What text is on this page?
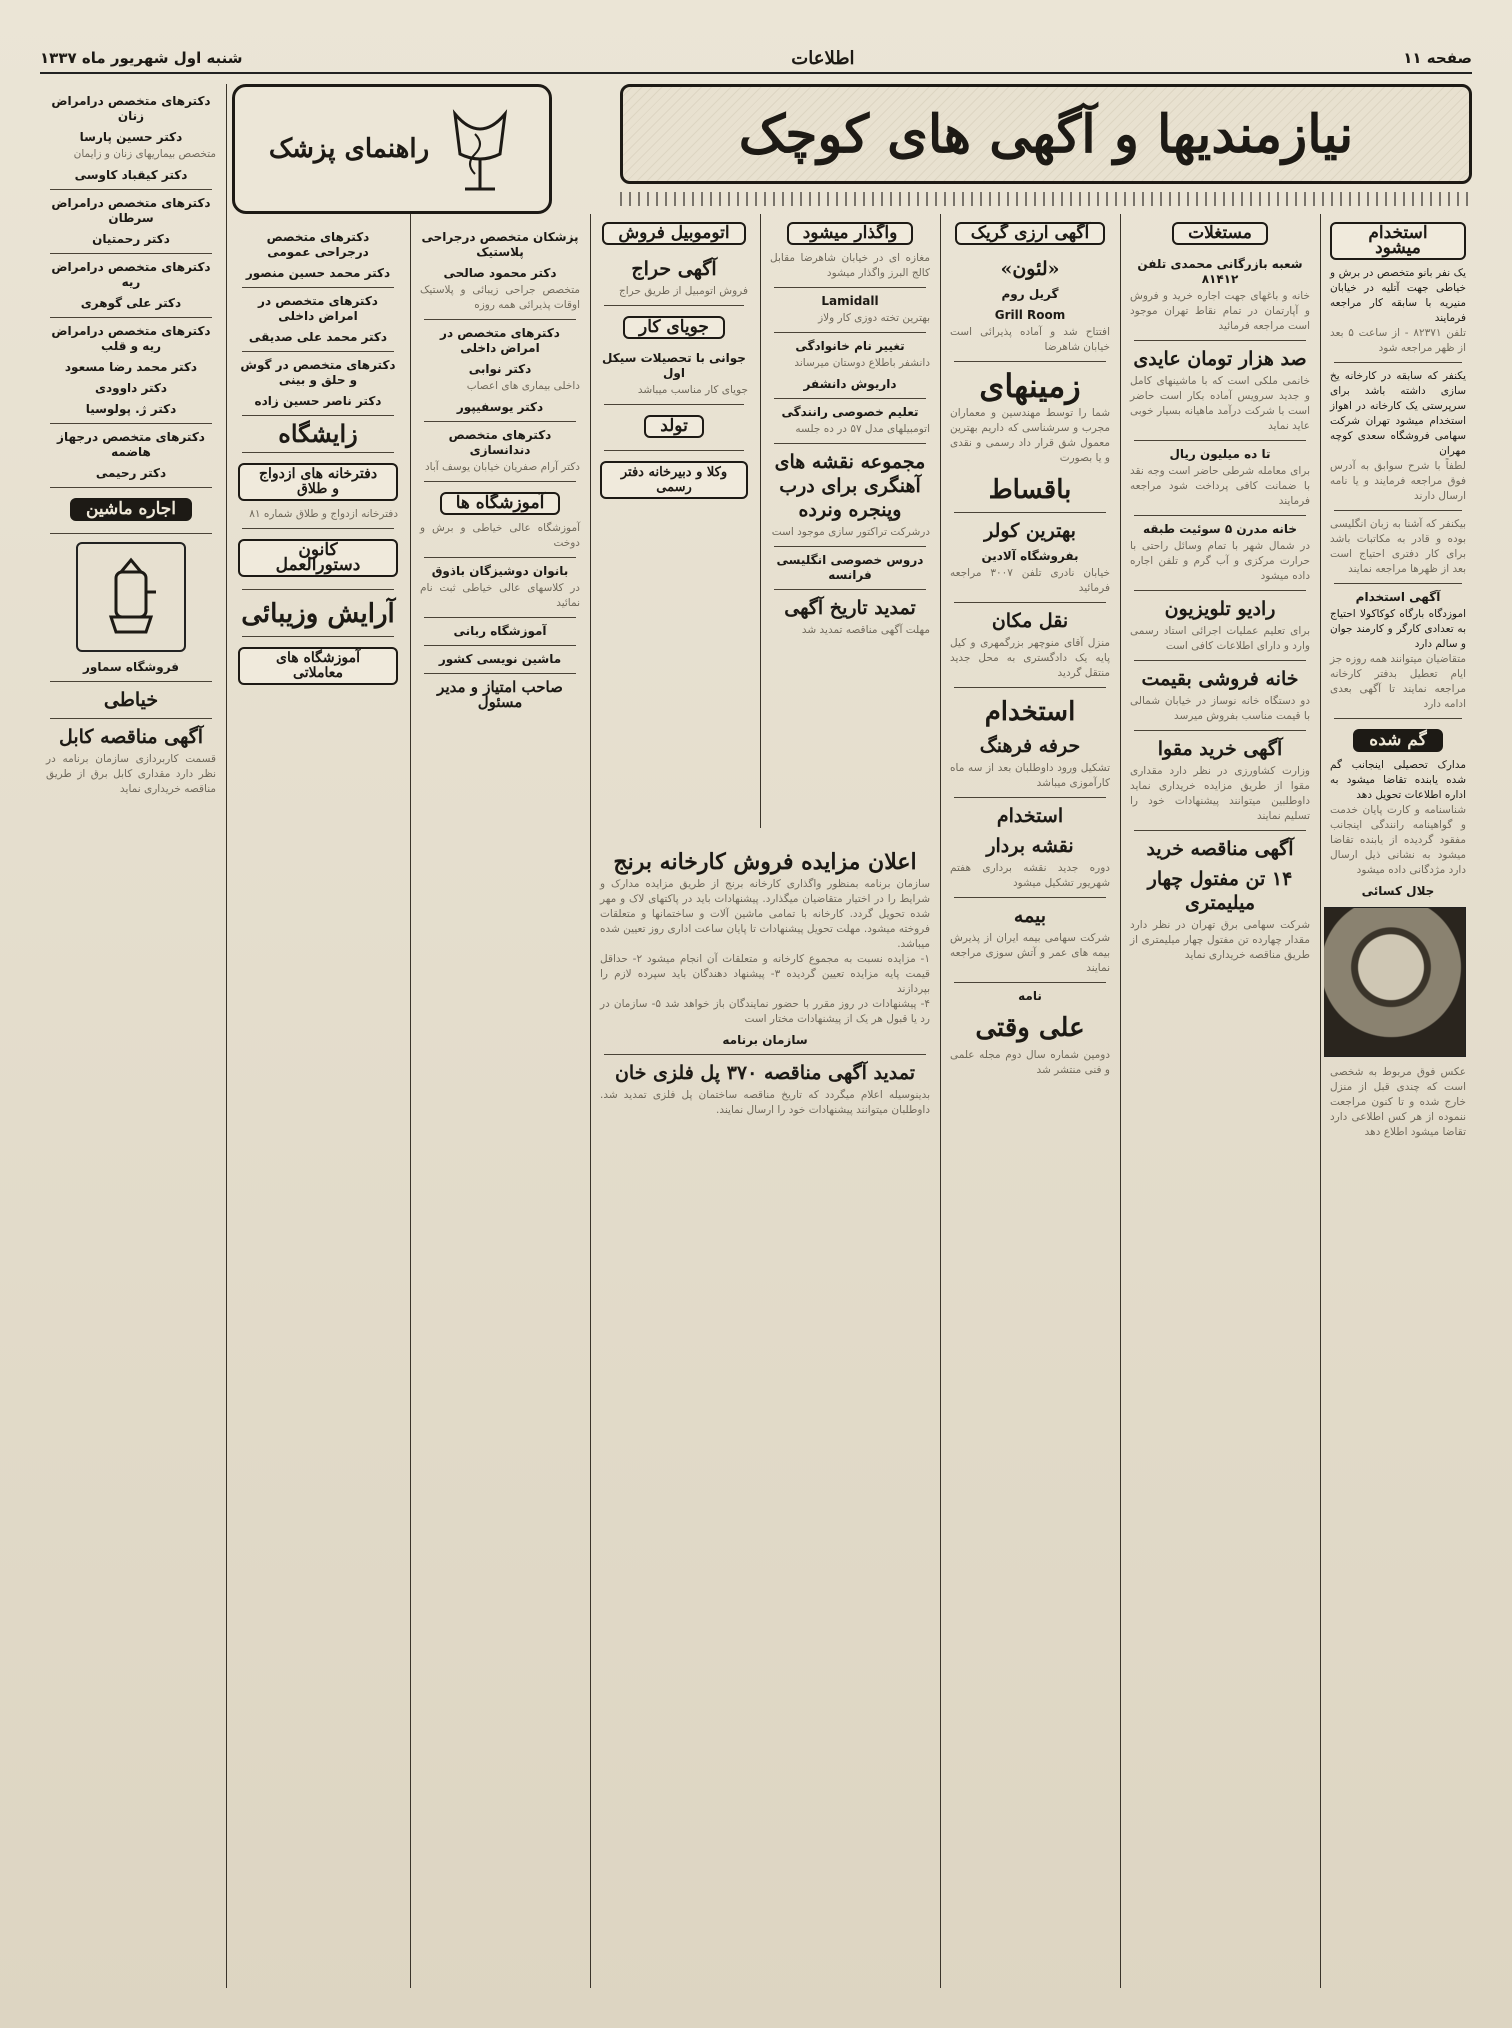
صفحه ۱۱
اطلاعات
شنبه اول شهریور ماه ۱۳۳۷
نیازمندیها و آگهی های کوچک
راهنمای پزشک
استخدام میشود

یک نفر بانو متخصص در برش و خیاطی جهت آتلیه در خیابان منیریه با سابقه کار مراجعه فرمایند

تلفن ۸۲۳۷۱ - از ساعت ۵ بعد از ظهر مراجعه شود

یکنفر که سابقه در کارخانه یخ سازی داشته باشد برای سرپرستی یک کارخانه در اهواز استخدام میشود تهران شرکت سهامی فروشگاه سعدی کوچه مهران

لطفاً با شرح سوابق به آدرس فوق مراجعه فرمایند و یا نامه ارسال دارند

بیکنفر که آشنا به زبان انگلیسی بوده و قادر به مکاتبات باشد برای کار دفتری احتیاج است بعد از ظهرها مراجعه نمایند

آگهی استخدام

اموزدگاه بارگاه کوکاکولا احتیاج به تعدادی کارگر و کارمند جوان و سالم دارد

متقاضیان میتوانند همه روزه جز ایام تعطیل بدفتر کارخانه مراجعه نمایند تا آگهی بعدی ادامه دارد

گم شده

مدارک تحصیلی اینجانب گم شده یابنده تقاضا میشود به اداره اطلاعات تحویل دهد

شناسنامه و کارت پایان خدمت و گواهینامه رانندگی اینجانب مفقود گردیده از یابنده تقاضا میشود به نشانی ذیل ارسال دارد مژدگانی داده میشود

جلال کسائی

عکس فوق مربوط به شخصی است که چندی قبل از منزل خارج شده و تا کنون مراجعت ننموده از هر کس اطلاعی دارد تقاضا میشود اطلاع دهد

مستغلات

شعبه بازرگانی محمدی تلفن ۸۱۴۱۲

خانه و باغهای جهت اجاره خرید و فروش و آپارتمان در تمام نقاط تهران موجود است مراجعه فرمائید

صد هزار تومان عایدی

خانمی ملکی است که با ماشینهای کامل و جدید سرویس آماده بکار است حاضر است با شرکت درآمد ماهیانه بسیار خوبی عاید نماید

تا ده میلیون ریال

برای معامله شرطی حاضر است وجه نقد با ضمانت کافی پرداخت شود مراجعه فرمایند

خانه مدرن ۵ سوئیت طبقه

در شمال شهر با تمام وسائل راحتی با حرارت مرکزی و آب گرم و تلفن اجاره داده میشود

رادیو تلویزیون

برای تعلیم عملیات اجرائی استاد رسمی وارد و دارای اطلاعات کافی است

خانه فروشی بقیمت

دو دستگاه خانه نوساز در خیابان شمالی با قیمت مناسب بفروش میرسد

آگهی خرید مقوا

وزارت کشاورزی در نظر دارد مقداری مقوا از طریق مزایده خریداری نماید داوطلبین میتوانند پیشنهادات خود را تسلیم نمایند

آگهی مناقصه خرید

۱۴ تن مفتول چهار میلیمتری

شرکت سهامی برق تهران در نظر دارد مقدار چهارده تن مفتول چهار میلیمتری از طریق مناقصه خریداری نماید

آگهی ارزی گریک

«لئون»

گریل روم

Grill Room

افتتاح شد و آماده پذیرائی است خیابان شاهرضا

زمینهای

شما را توسط مهندسین و معماران مجرب و سرشناسی که داریم بهترین معمول شق قرار داد رسمی و نقدی و یا بصورت

باقساط

بهترین کولر

بفروشگاه آلادین

خیابان نادری تلفن ۳۰۰۷ مراجعه فرمائید

نقل مکان

منزل آقای منوچهر بزرگمهری و کیل پایه یک دادگستری به محل جدید منتقل گردید

استخدام

حرفه فرهنگ

تشکیل ورود داوطلبان بعد از سه ماه کارآموزی میباشد

استخدام

نقشه بردار

دوره جدید نقشه برداری هفتم شهریور تشکیل میشود

بیمه

شرکت سهامی بیمه ایران از پذیرش بیمه های عمر و آتش سوزی مراجعه نمایند

نامه

علی وقتی

دومین شماره سال دوم مجله علمی و فنی منتشر شد

واگذار میشود

مغازه ای در خیابان شاهرضا مقابل کالج البرز واگذار میشود

Lamidall

بهترین تخته دوزی کار ولاز

تغییر نام خانوادگی

دانشفر باطلاع دوستان میرساند

داریوش دانشفر

تعلیم خصوصی رانندگی

اتومبیلهای مدل ۵۷ در ده جلسه

مجموعه نقشه های آهنگری برای درب وپنجره ونرده

درشرکت تراکتور سازی موجود است

دروس خصوصی انگلیسی فرانسه

تمدید تاریخ آگهی

مهلت آگهی مناقصه تمدید شد

اتوموبیل فروش

آگهی حراج

فروش اتومبیل از طریق حراج

جویای کار

جوانی با تحصیلات سیکل اول

جویای کار مناسب میباشد

تولد
وکلا و دبیرخانه دفتر رسمی

اعلان مزایده فروش کارخانه برنج

سازمان برنامه بمنظور واگذاری کارخانه برنج از طریق مزایده مدارک و شرایط را در اختیار متقاضیان میگذارد. پیشنهادات باید در پاکتهای لاک و مهر شده تحویل گردد. کارخانه با تمامی ماشین آلات و ساختمانها و متعلقات فروخته میشود. مهلت تحویل پیشنهادات تا پایان ساعت اداری روز تعیین شده میباشد.

۱- مزایده نسبت به مجموع کارخانه و متعلقات آن انجام میشود ۲- حداقل قیمت پایه مزایده تعیین گردیده ۳- پیشنهاد دهندگان باید سپرده لازم را بپردازند

۴- پیشنهادات در روز مقرر با حضور نمایندگان باز خواهد شد ۵- سازمان در رد یا قبول هر یک از پیشنهادات مختار است

سازمان برنامه

تمدید آگهی مناقصه ۳۷۰ پل فلزی خان

بدینوسیله اعلام میگردد که تاریخ مناقصه ساختمان پل فلزی تمدید شد. داوطلبان میتوانند پیشنهادات خود را ارسال نمایند.

پزشکان متخصص درجراحی پلاستیک

دکتر محمود صالحی

متخصص جراحی زیبائی و پلاستیک اوقات پذیرائی همه روزه

دکترهای متخصص در امراض داخلی

دکتر نوابی

داخلی بیماری های اعصاب

دکتر یوسفیپور

دکترهای متخصص دندانسازی

دکتر آرام صفریان خیابان یوسف آباد

آموزشگاه ها

آموزشگاه عالی خیاطی و برش و دوخت

بانوان دوشیزگان باذوق

در کلاسهای عالی خیاطی ثبت نام نمائید

آموزشگاه ربانی

ماشین نویسی کشور

صاحب امتیاز و مدیر مسئول

دکترهای متخصص درجراحی عمومی

دکتر محمد حسین منصور

دکترهای متخصص در امراض داخلی

دکتر محمد علی صدیقی

دکترهای متخصص در گوش و حلق و بینی

دکتر ناصر حسین زاده

زایشگاه

دفترخانه های ازدواج و طلاق

دفترخانه ازدواج و طلاق شماره ۸۱

کانون دستورالعمل

آرایش وزیبائی

آموزشگاه های معاملاتی

دکترهای متخصص درامراض زنان

دکتر حسین پارسا

متخصص بیماریهای زنان و زایمان

دکتر کیقباد کاوسی

دکترهای متخصص درامراض سرطان

دکتر رحمتیان

دکترهای متخصص درامراض ریه

دکتر علی گوهری

دکترهای متخصص درامراض ریه و قلب

دکتر محمد رضا مسعود

دکتر داوودی

دکتر ژ. پولوسیا

دکترهای متخصص درجهاز هاضمه

دکتر رحیمی

اجاره ماشین

فروشگاه سماور

خیاطی

آگهی مناقصه کابل

قسمت کاربردازی سازمان برنامه در نظر دارد مقداری کابل برق از طریق مناقصه خریداری نماید
